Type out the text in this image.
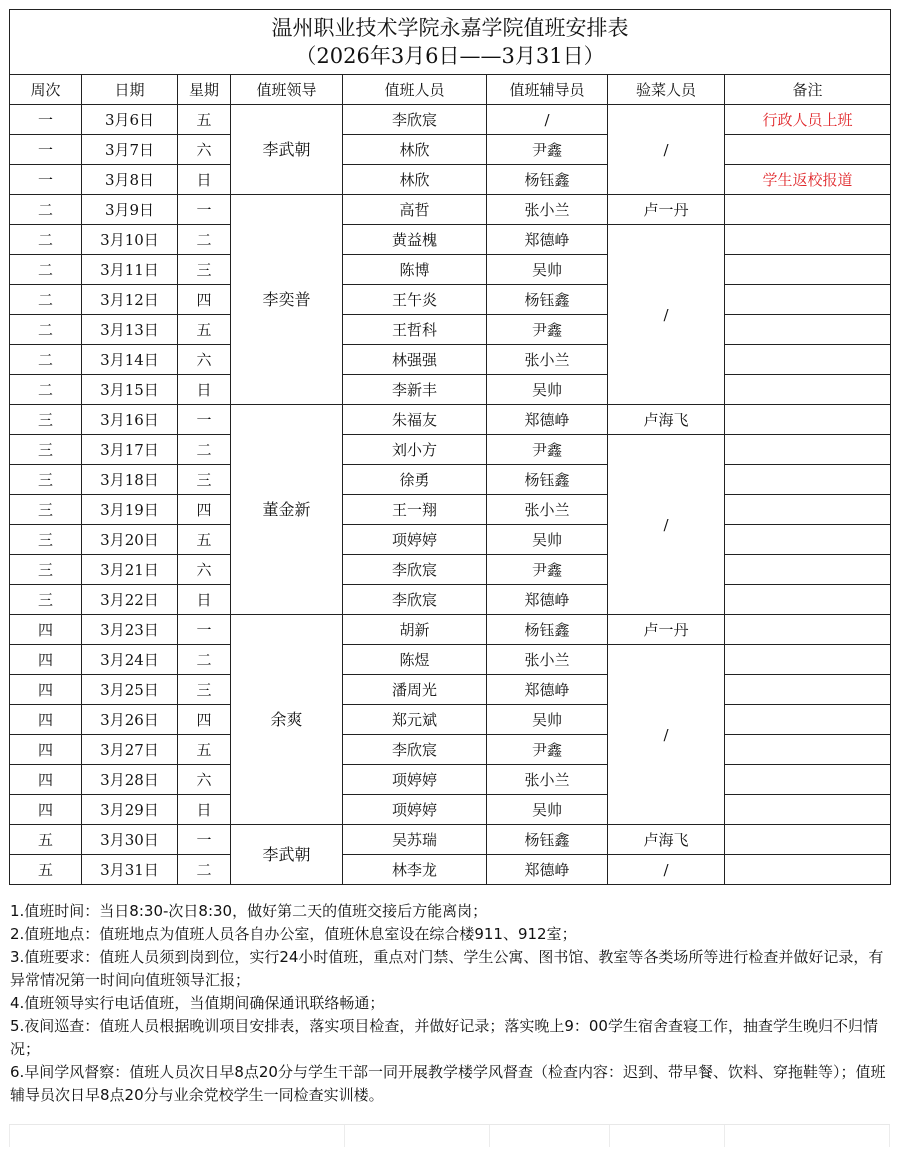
温州职业技术学院永嘉学院值班安排表
（2026年3月6日——3月31日）							

周次	日期	星期	值班领导	值班人员	值班辅导员	验菜人员	备注
一	3月6日	五	李武朝	李欣宸	/	/	行政人员上班
一	3月7日	六		林欣	尹鑫		
一	3月8日	日		林欣	杨钰鑫		学生返校报道
二	3月9日	一	李奕普	高哲	张小兰	卢一丹	
二	3月10日	二		黄益槐	郑德峥	/	
二	3月11日	三		陈博	吴帅		
二	3月12日	四		王午炎	杨钰鑫		
二	3月13日	五		王哲科	尹鑫		
二	3月14日	六		林强强	张小兰		
二	3月15日	日		李新丰	吴帅		
三	3月16日	一	董金新	朱福友	郑德峥	卢海飞	
三	3月17日	二		刘小方	尹鑫	/	
三	3月18日	三		徐勇	杨钰鑫		
三	3月19日	四		王一翔	张小兰		
三	3月20日	五		项婷婷	吴帅		
三	3月21日	六		李欣宸	尹鑫		
三	3月22日	日		李欣宸	郑德峥		
四	3月23日	一	余爽	胡新	杨钰鑫	卢一丹	
四	3月24日	二		陈煜	张小兰	/	
四	3月25日	三		潘周光	郑德峥		
四	3月26日	四		郑元斌	吴帅		
四	3月27日	五		李欣宸	尹鑫		
四	3月28日	六		项婷婷	张小兰		
四	3月29日	日		项婷婷	吴帅		
五	3月30日	一	李武朝	吴苏瑞	杨钰鑫	卢海飞	
五	3月31日	二		林李龙	郑德峥	/	

1.值班时间：当日8:30-次日8:30，做好第二天的值班交接后方能离岗；

2.值班地点：值班地点为值班人员各自办公室，值班休息室设在综合楼911、912室；

3.值班要求：值班人员须到岗到位，实行24小时值班，重点对门禁、学生公寓、图书馆、教室等各类场所等进行检查并做好记录，有异常情况第一时间向值班领导汇报；

4.值班领导实行电话值班，当值期间确保通讯联络畅通；

5.夜间巡查：值班人员根据晚训项目安排表，落实项目检查，并做好记录；落实晚上9：00学生宿舍查寝工作，抽查学生晚归不归情况；

6.早间学风督察：值班人员次日早8点20分与学生干部一同开展教学楼学风督查（检查内容：迟到、带早餐、饮料、穿拖鞋等）；值班辅导员次日早8点20分与业余党校学生一同检查实训楼。
